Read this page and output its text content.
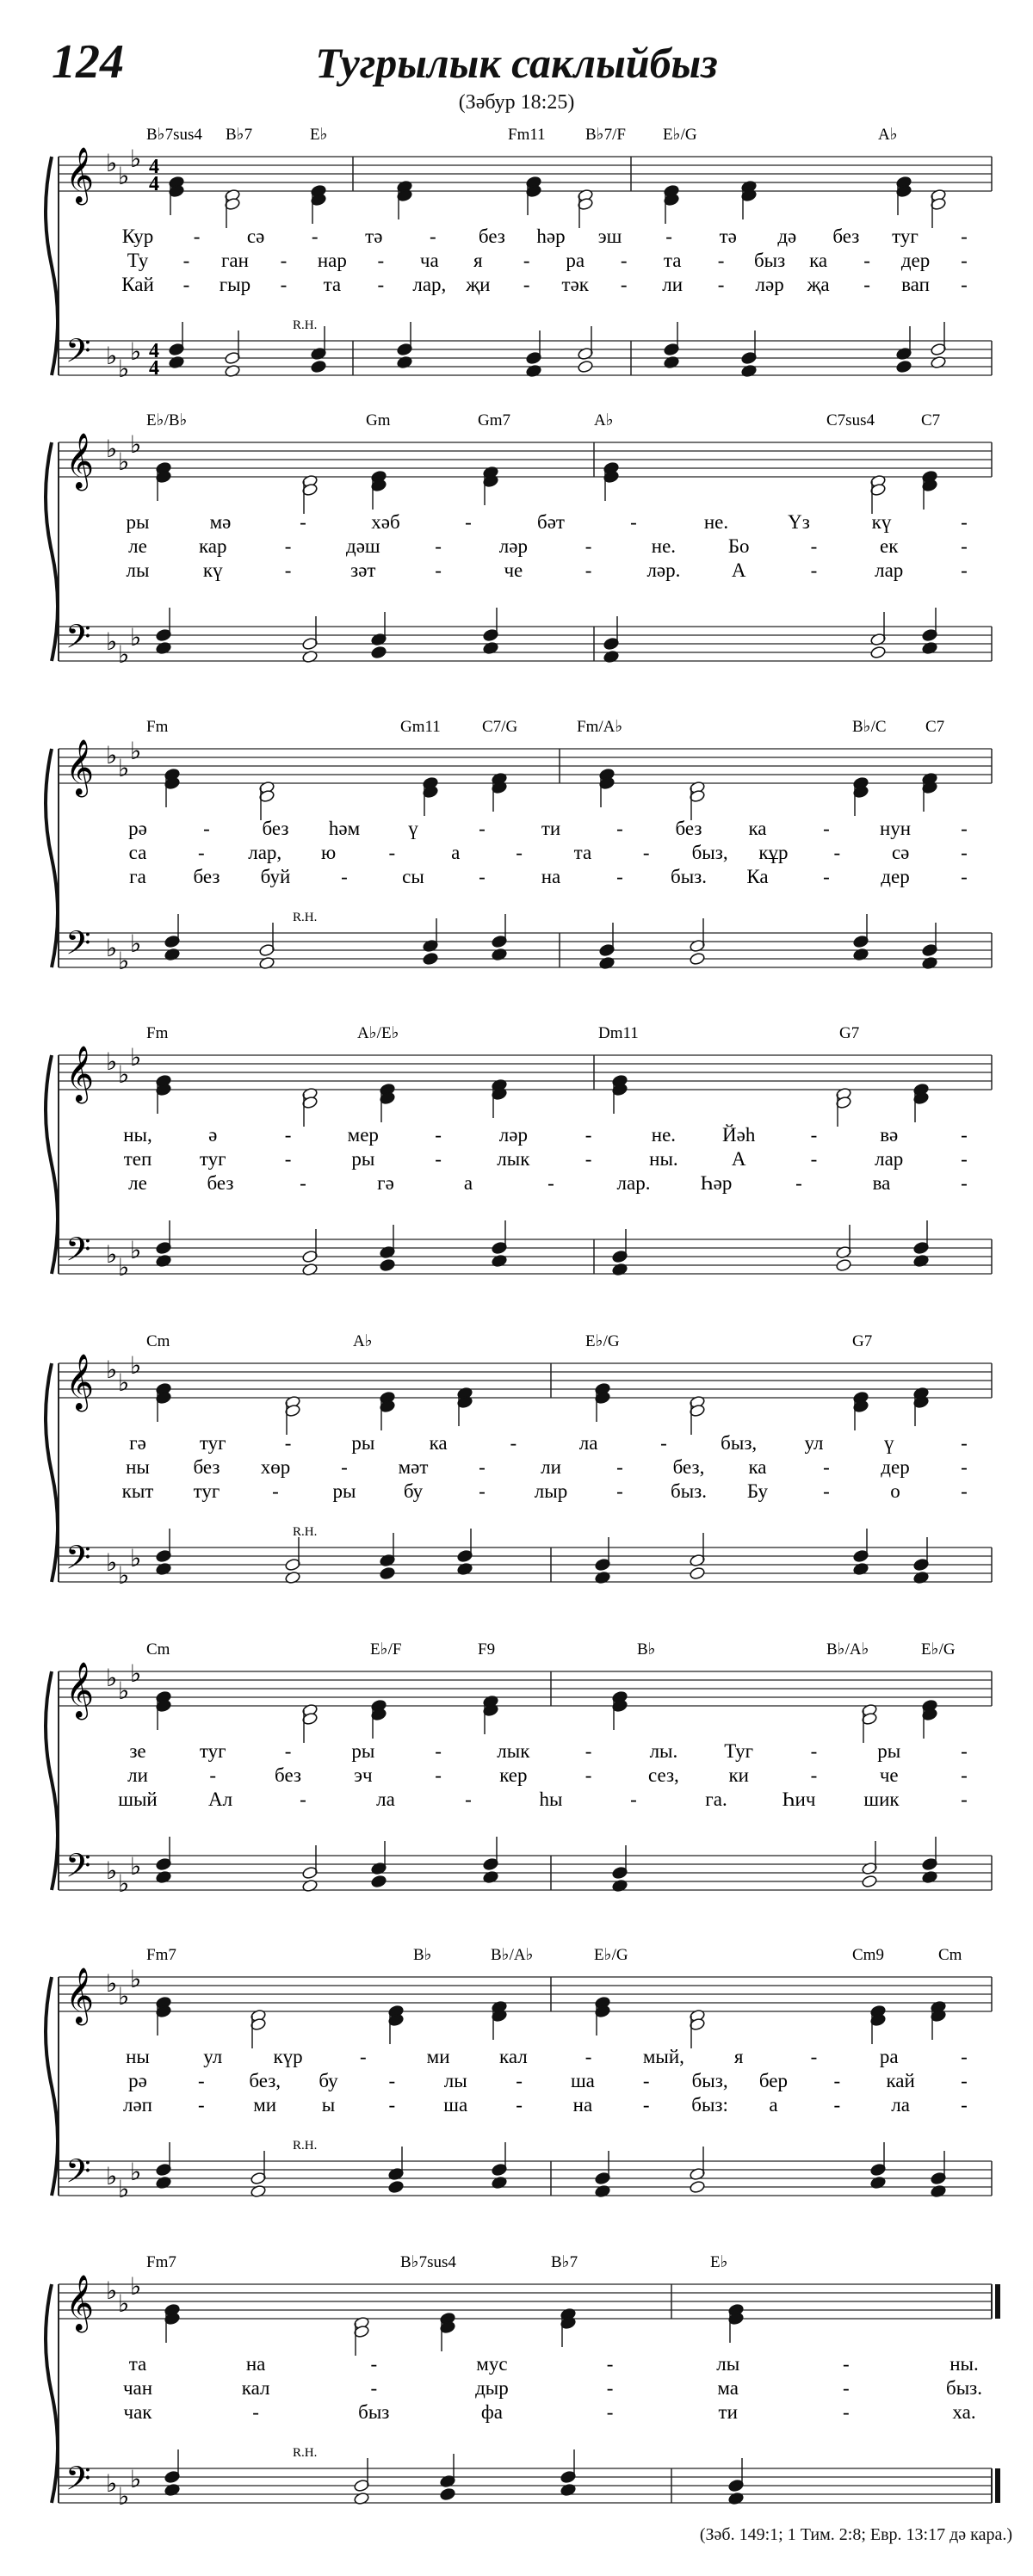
124	Тугрылык саклыйбыз
(Зәбур 18:25)
𝄞
𝄢
♭
♭
♭
♭
♭
♭
4
4
4
4
B♭7sus4 B♭7	E♭	Fm11 B♭7/F E♭/G	A♭
Кур - сә - тә - без һәр эш - тә дә без туг -
Ту - ган - нар - ча я - ра - та - быз ка - дер -
Кай - гыр - та - лар, җи - тәк - ли - ләр җа - вап -
R.H.
𝄞
𝄢
♭
♭
♭
♭
♭
♭
E♭/B♭	Gm	Gm7	A♭	C7sus4	C7
ры	мә	-	хәб	-	бәт	-	не.	Үз	кү	-
ле	кар	-	дәш	-	ләр	-	не.	Бо	-	ек	-
лы	кү	-	зәт	-	че	-	ләр.	А	-	лар	-
𝄞
𝄢
♭
♭
♭
♭
♭
♭
Fm	Gm11	C7/G	Fm/A♭	B♭/C C7
рә	-	без һәм ү	-	ти	-	без ка	-	нун	-
са	- лар, ю	-	а	-	та	- быз, кұр -	сә	-
га без буй	-	сы	-	на	- быз. Ка	-	дер	-
R.H.
𝄞
𝄢
♭
♭
♭
♭
♭
♭
Fm	A♭/E♭	Dm11	G7
ны,	ә	-	мер	-	ләр	-	не. Йәһ	-	вә	-
теп туг	-	ры	-	лык	-	ны.	А	-	лар	-
ле	без	-	гә	а	-	лар.	Һәр	-	ва	-
𝄞
𝄢
♭
♭
♭
♭
♭
♭
Cm	A♭	E♭/G	G7
гә	туг	-	ры	ка	-	ла	-	быз, ул	ү	-
ны без хөр	-	мәт	-	ли	-	без, ка	-	дер	-
кыт туг	-	ры бу	- лыр - быз. Бу	-	о	-
R.H.
𝄞
𝄢
♭
♭
♭
♭
♭
♭
Cm	E♭/F	F9	B♭	B♭/A♭	E♭/G
зе	туг	-	ры	-	лык	-	лы. Туг	-	ры	-
ли	-	без	эч	-	кер	-	сез,	ки	-	че	-
шый	Ал	-	ла	-	һы	-	га.	Һич шик	-
𝄞
𝄢
♭
♭
♭
♭
♭
♭
Fm7	B♭	B♭/A♭	E♭/G	Cm9	Cm
ны	ул	күр	-	ми кал	-	мый,	я	-	ра	-
рә	- без, бу	- лы - ша - быз, бер - кай -
ләп - ми ы	- ша -	на	- быз: а	-	ла	-
R.H.
𝄞
𝄢
♭
♭
♭
♭
♭
♭
Fm7	B♭7sus4	B♭7	E♭
та	на	-	мус	-	лы	-	ны.
чан	кал	-	дыр	-	ма	-	быз.
чак	-	быз	фа	-	ти	-	ха.
R.H.
(Зәб. 149:1; 1 Тим. 2:8; Евр. 13:17 дә кара.)
